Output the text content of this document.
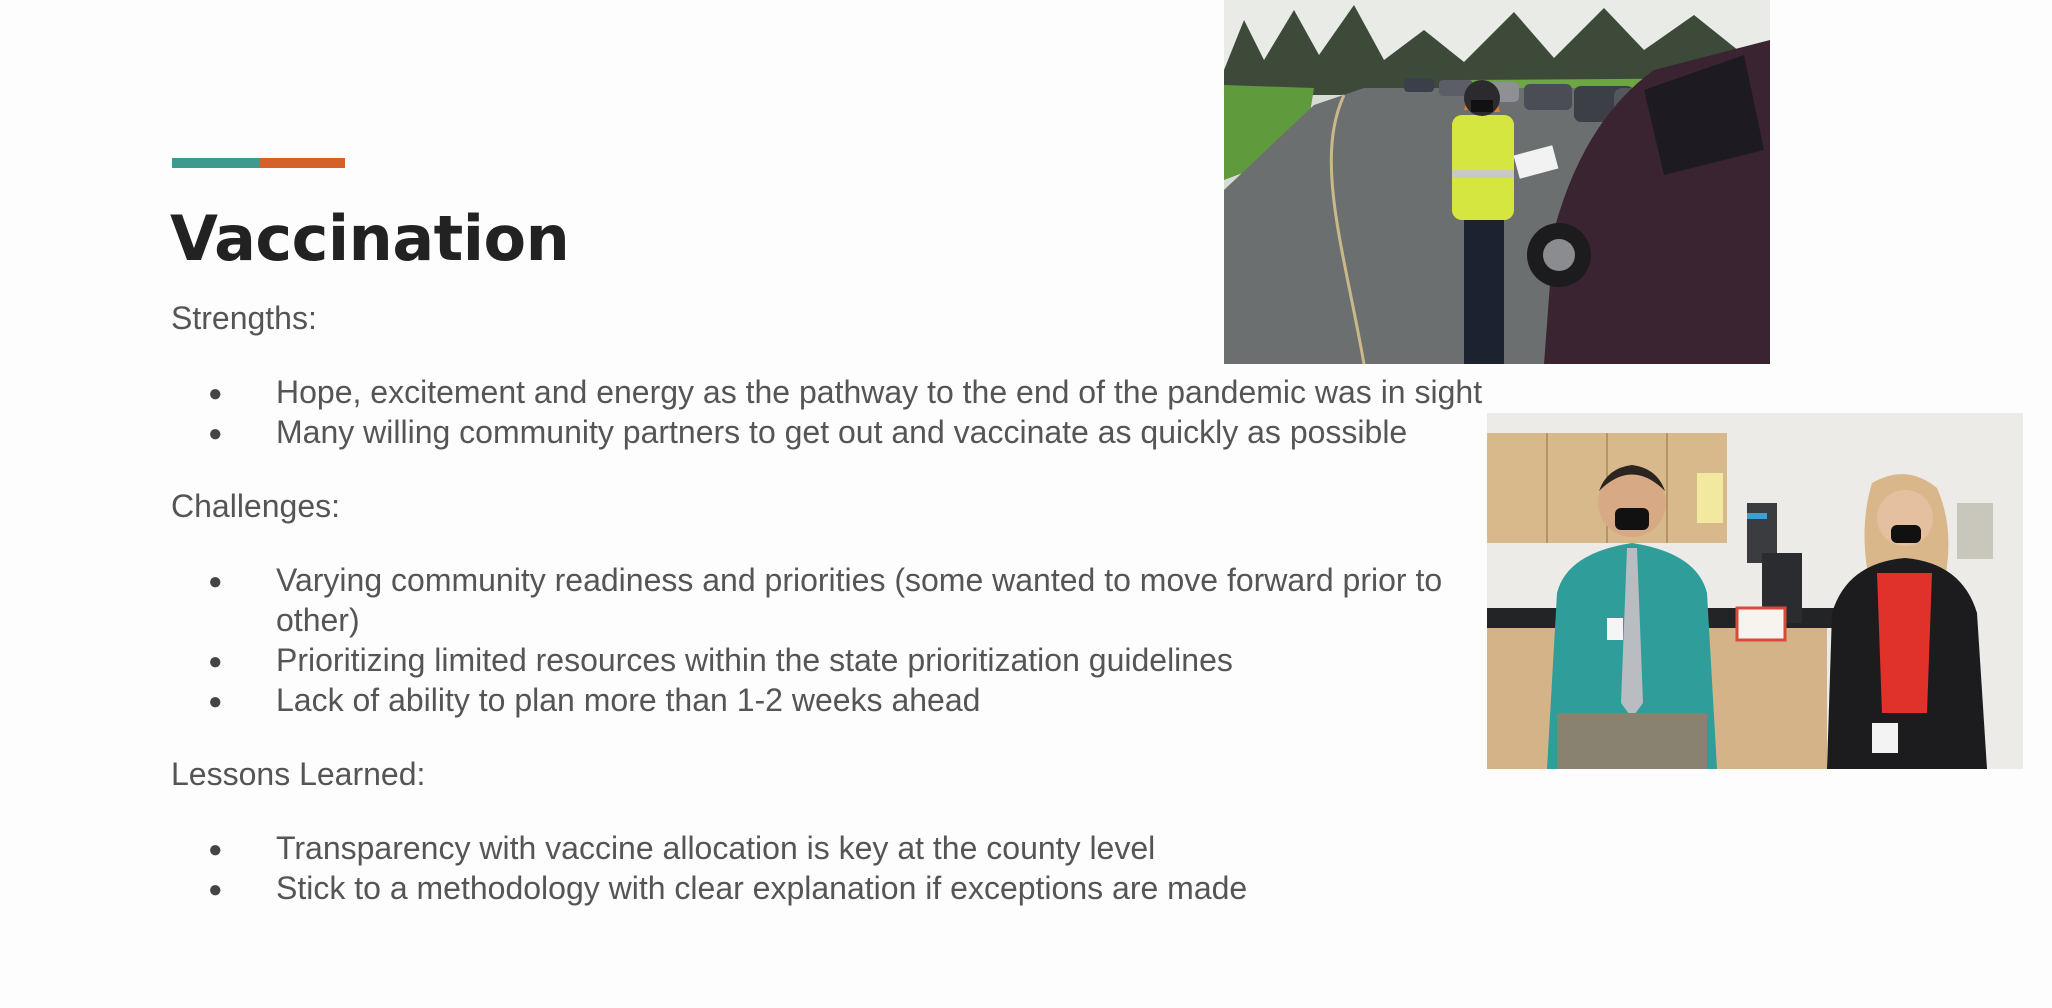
Vaccination

Strengths:

● Hope, excitement and energy as the pathway to the end of the pandemic was in sight
● Many willing community partners to get out and vaccinate as quickly as possible

Challenges:

● Varying community readiness and priorities (some wanted to move forward prior to other)
● Prioritizing limited resources within the state prioritization guidelines
● Lack of ability to plan more than 1-2 weeks ahead

Lessons Learned:

● Transparency with vaccine allocation is key at the county level
● Stick to a methodology with clear explanation if exceptions are made
